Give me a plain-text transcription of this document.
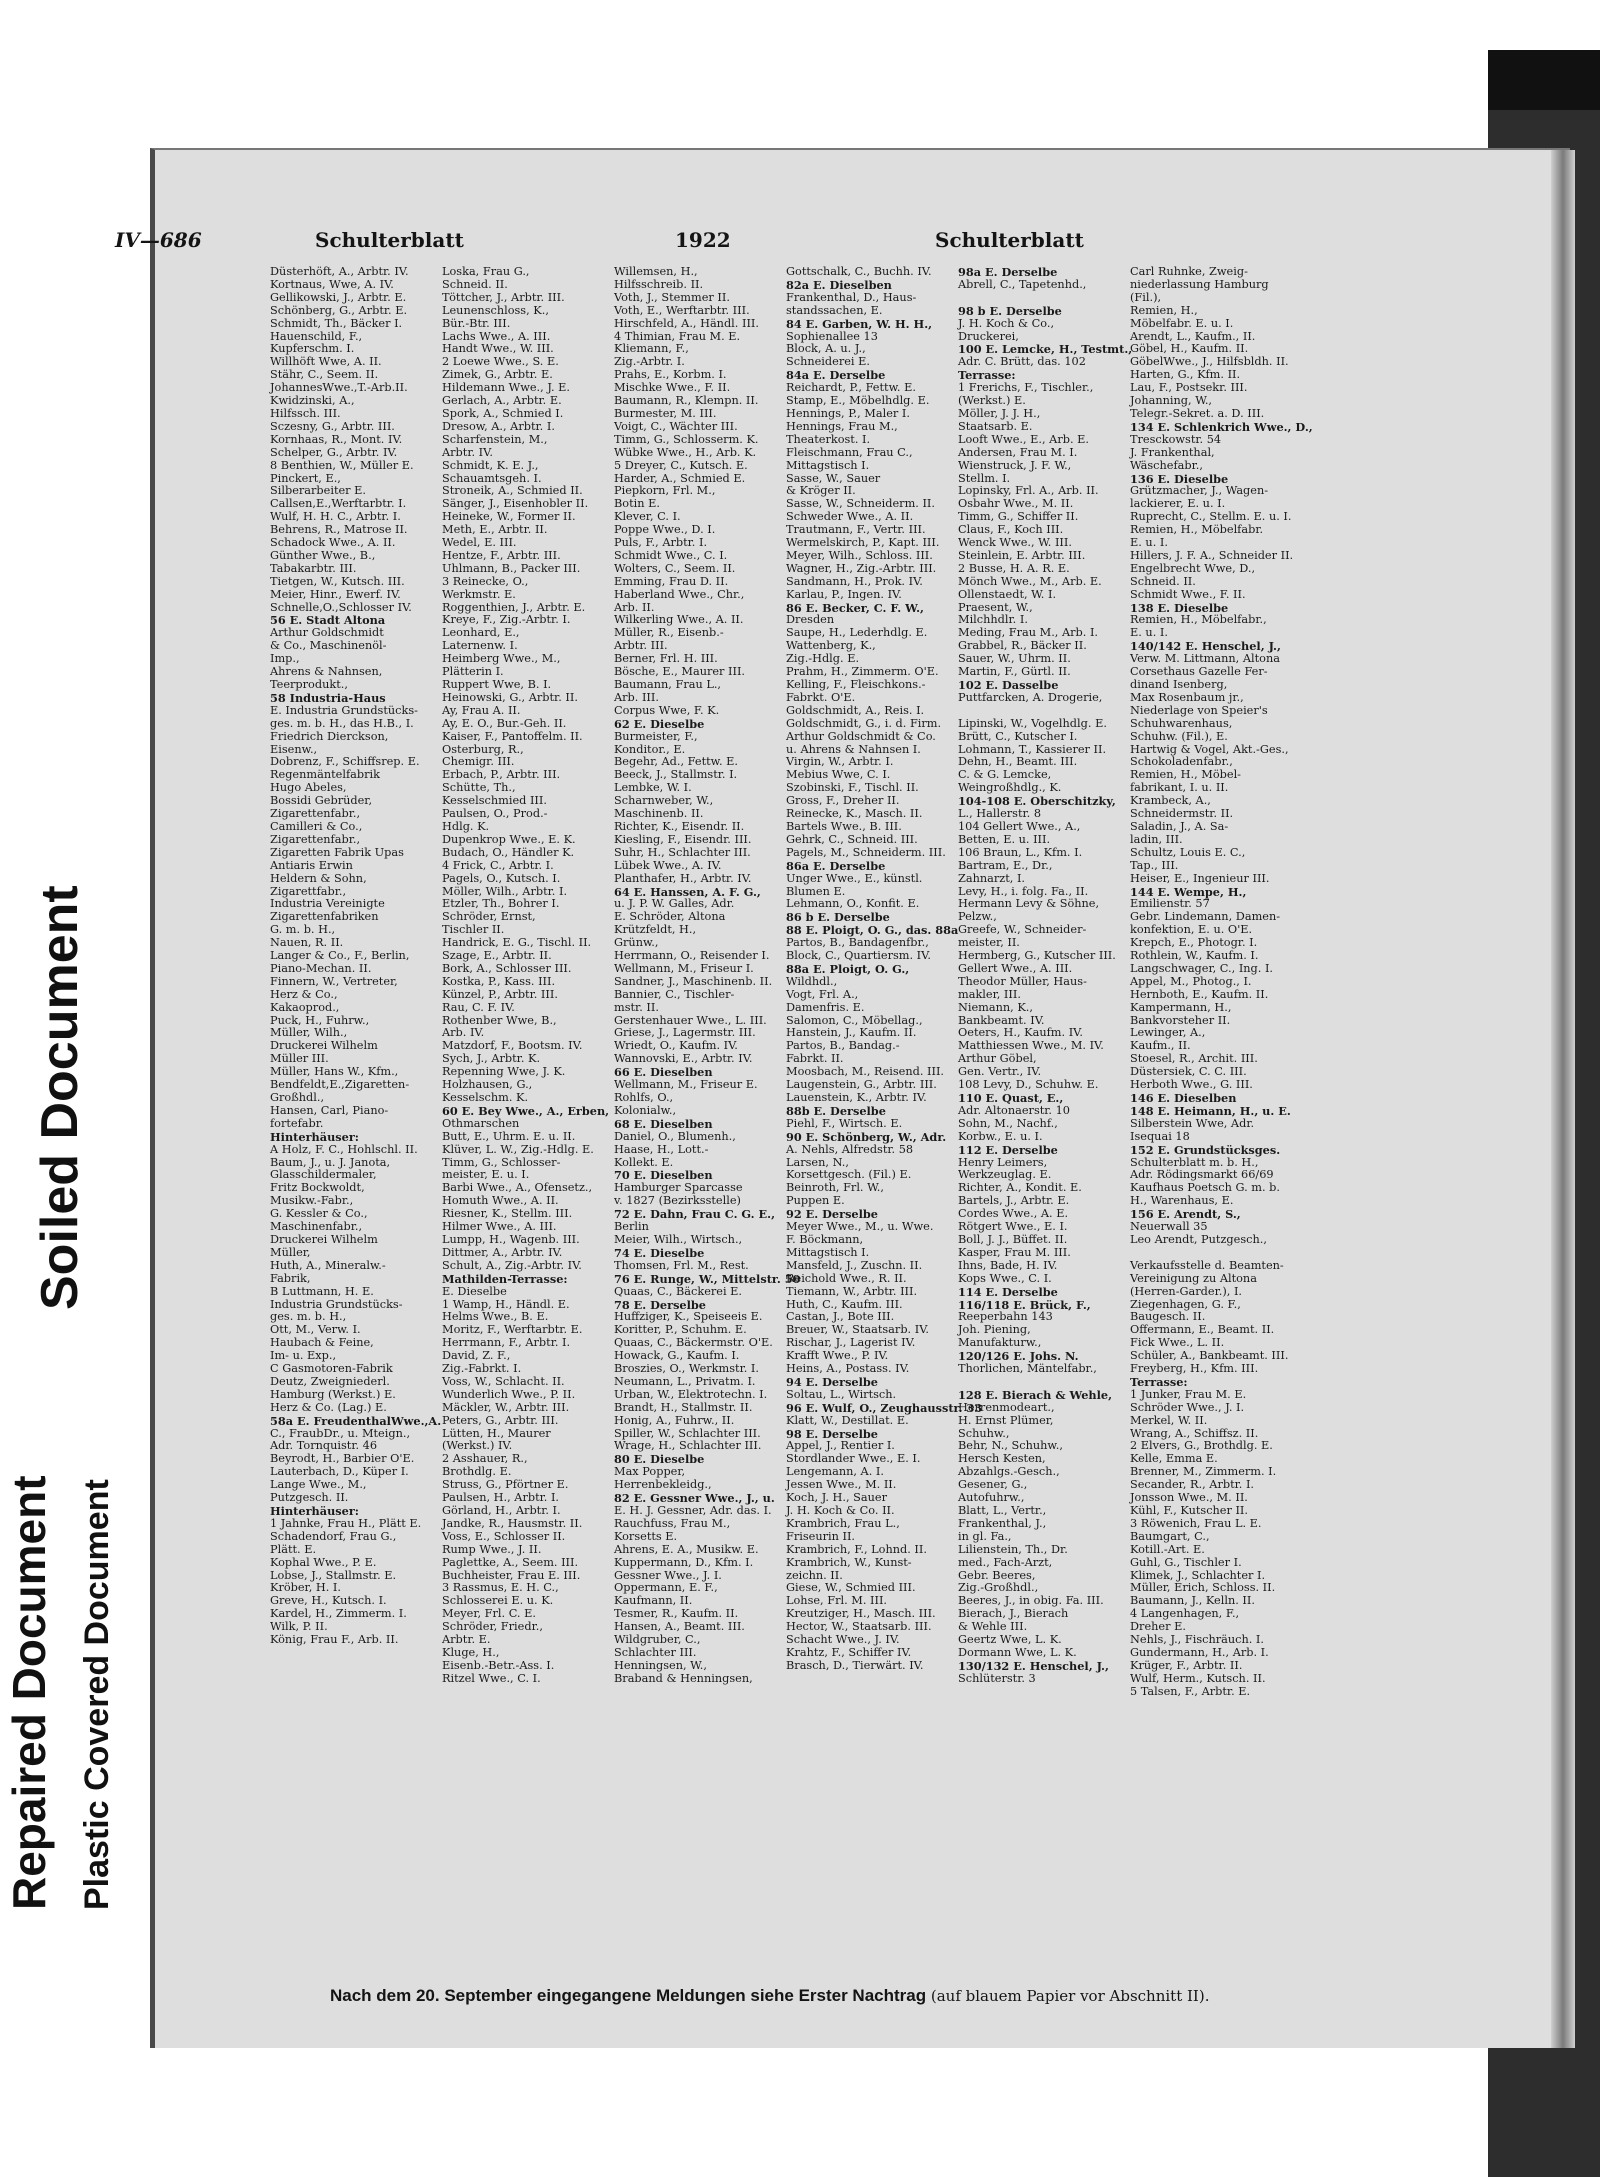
Soiled Document
Repaired Document Plastic Covered Document
IV—686	Schulterblatt	1922	Schulterblatt
Düsterhöft, A., Arbtr. IV.
Kortnaus, Wwe, A. IV.
Gellikowski, J., Arbtr. E.
Schönberg, G., Arbtr. E.
Schmidt, Th., Bäcker I.
Hauenschild, F.,
Kupferschm. I.
Willhöft Wwe, A. II.
Stähr, C., Seem. II.
JohannesWwe.,T.-Arb.II.
Kwidzinski, A.,
Hilfssch. III.
Sczesny, G., Arbtr. III.
Kornhaas, R., Mont. IV.
Schelper, G., Arbtr. IV.
8 Benthien, W., Müller E.
Pinckert, E.,
Silberarbeiter E.
Callsen,E.,Werftarbtr. I.
Wulf, H. H. C., Arbtr. I.
Behrens, R., Matrose II.
Schadock Wwe., A. II.
Günther Wwe., B.,
Tabakarbtr. III.
Tietgen, W., Kutsch. III.
Meier, Hinr., Ewerf. IV.
Schnelle,O.,Schlosser IV.
56 E. Stadt Altona
Arthur Goldschmidt
& Co., Maschinenöl-
Imp.,
Ahrens & Nahnsen,
Teerprodukt.,
58 Industria-Haus
E. Industria Grundstücks-
ges. m. b. H., das H.B., I.
Friedrich Dierckson,
Eisenw.,
Dobrenz, F., Schiffsrep. E.
Regenmäntelfabrik
Hugo Abeles,
Bossidi Gebrüder,
Zigarettenfabr.,
Camilleri & Co.,
Zigarettenfabr.,
Zigaretten Fabrik Upas
Antiaris Erwin
Heldern & Sohn,
Zigarettfabr.,
Industria Vereinigte
Zigarettenfabriken
G. m. b. H.,
Nauen, R. II.
Langer & Co., F., Berlin,
Piano-Mechan. II.
Finnern, W., Vertreter,
Herz & Co.,
Kakaoprod.,
Puck, H., Fuhrw.,
Müller, Wilh.,
Druckerei Wilhelm
Müller III.
Müller, Hans W., Kfm.,
Bendfeldt,E.,Zigaretten-
Großhdl.,
Hansen, Carl, Piano-
fortefabr.
Hinterhäuser:
A Holz, F. C., Hohlschl. II.
Baum, J., u. J. Janota,
Glasschildermaler,
Fritz Bockwoldt,
Musikw.-Fabr.,
G. Kessler & Co.,
Maschinenfabr.,
Druckerei Wilhelm
Müller,
Huth, A., Mineralw.-
Fabrik,
B Luttmann, H. E.
Industria Grundstücks-
ges. m. b. H.,
Ott, M., Verw. I.
Haubach & Feine,
Im- u. Exp.,
C Gasmotoren-Fabrik
Deutz, Zweigniederl.
Hamburg (Werkst.) E.
Herz & Co. (Lag.) E.
58a E. FreudenthalWwe.,A.
C., FraubDr., u. Mteign.,
Adr. Tornquistr. 46
Beyrodt, H., Barbier O'E.
Lauterbach, D., Küper I.
Lange Wwe., M.,
Putzgesch. II.
Hinterhäuser:
1 Jahnke, Frau H., Plätt E.
Schadendorf, Frau G.,
Plätt. E.
Kophal Wwe., P. E.
Lobse, J., Stallmstr. E.
Kröber, H. I.
Greve, H., Kutsch. I.
Kardel, H., Zimmerm. I.
Wilk, P. II.
König, Frau F., Arb. II.
Loska, Frau G.,
Schneid. II.
Töttcher, J., Arbtr. III.
Leunenschloss, K.,
Bür.-Btr. III.
Lachs Wwe., A. III.
Handt Wwe., W. III.
2 Loewe Wwe., S. E.
Zimek, G., Arbtr. E.
Hildemann Wwe., J. E.
Gerlach, A., Arbtr. E.
Spork, A., Schmied I.
Dresow, A., Arbtr. I.
Scharfenstein, M.,
Arbtr. IV.
Schmidt, K. E. J.,
Schauamtsgeh. I.
Stroneik, A., Schmied II.
Sänger, J., Eisenhobler II.
Heineke, W., Former II.
Meth, E., Arbtr. II.
Wedel, E. III.
Hentze, F., Arbtr. III.
Uhlmann, B., Packer III.
3 Reinecke, O.,
Werkmstr. E.
Roggenthien, J., Arbtr. E.
Kreye, F., Zig.-Arbtr. I.
Leonhard, E.,
Laternenw. I.
Heimberg Wwe., M.,
Plätterin I.
Ruppert Wwe, B. I.
Heinowski, G., Arbtr. II.
Ay, Frau A. II.
Ay, E. O., Bur.-Geh. II.
Kaiser, F., Pantoffelm. II.
Osterburg, R.,
Chemigr. III.
Erbach, P., Arbtr. III.
Schütte, Th.,
Kesselschmied III.
Paulsen, O., Prod.-
Hdlg. K.
Dupenkrop Wwe., E. K.
Budach, O., Händler K.
4 Frick, C., Arbtr. I.
Pagels, O., Kutsch. I.
Möller, Wilh., Arbtr. I.
Etzler, Th., Bohrer I.
Schröder, Ernst,
Tischler II.
Handrick, E. G., Tischl. II.
Szage, E., Arbtr. II.
Bork, A., Schlosser III.
Kostka, P., Kass. III.
Künzel, P., Arbtr. III.
Rau, C. F. IV.
Rothenber Wwe, B.,
Arb. IV.
Matzdorf, F., Bootsm. IV.
Sych, J., Arbtr. K.
Repenning Wwe, J. K.
Holzhausen, G.,
Kesselschm. K.
60 E. Bey Wwe., A., Erben,
Othmarschen
Butt, E., Uhrm. E. u. II.
Klüver, L. W., Zig.-Hdlg. E.
Timm, G., Schlosser-
meister, E. u. I.
Barbi Wwe., A., Ofensetz.,
Homuth Wwe., A. II.
Riesner, K., Stellm. III.
Hilmer Wwe., A. III.
Lumpp, H., Wagenb. III.
Dittmer, A., Arbtr. IV.
Schult, A., Zig.-Arbtr. IV.
Mathilden-Terrasse:
E. Dieselbe
1 Wamp, H., Händl. E.
Helms Wwe., B. E.
Moritz, F., Werftarbtr. E.
Herrmann, F., Arbtr. I.
David, Z. F.,
Zig.-Fabrkt. I.
Voss, W., Schlacht. II.
Wunderlich Wwe., P. II.
Mäckler, W., Arbtr. III.
Peters, G., Arbtr. III.
Lütten, H., Maurer
(Werkst.) IV.
2 Asshauer, R.,
Brothdlg. E.
Struss, G., Pförtner E.
Paulsen, H., Arbtr. I.
Görland, H., Arbtr. I.
Jandke, R., Hausmstr. II.
Voss, E., Schlosser II.
Rump Wwe., J. II.
Paglettke, A., Seem. III.
Buchheister, Frau E. III.
3 Rassmus, E. H. C.,
Schlosserei E. u. K.
Meyer, Frl. C. E.
Schröder, Friedr.,
Arbtr. E.
Kluge, H.,
Eisenb.-Betr.-Ass. I.
Ritzel Wwe., C. I.
Willemsen, H.,
Hilfsschreib. II.
Voth, J., Stemmer II.
Voth, E., Werftarbtr. III.
Hirschfeld, A., Händl. III.
4 Thimian, Frau M. E.
Kliemann, F.,
Zig.-Arbtr. I.
Prahs, E., Korbm. I.
Mischke Wwe., F. II.
Baumann, R., Klempn. II.
Burmester, M. III.
Voigt, C., Wächter III.
Timm, G., Schlosserm. K.
Wübke Wwe., H., Arb. K.
5 Dreyer, C., Kutsch. E.
Harder, A., Schmied E.
Piepkorn, Frl. M.,
Botin E.
Klever, C. I.
Poppe Wwe., D. I.
Puls, F., Arbtr. I.
Schmidt Wwe., C. I.
Wolters, C., Seem. II.
Emming, Frau D. II.
Haberland Wwe., Chr.,
Arb. II.
Wilkerling Wwe., A. II.
Müller, R., Eisenb.-
Arbtr. III.
Berner, Frl. H. III.
Bösche, E., Maurer III.
Baumann, Frau L.,
Arb. III.
Corpus Wwe, F. K.
62 E. Dieselbe
Burmeister, F.,
Konditor., E.
Begehr, Ad., Fettw. E.
Beeck, J., Stallmstr. I.
Lembke, W. I.
Scharnweber, W.,
Maschinenb. II.
Richter, K., Eisendr. II.
Kiesling, F., Eisendr. III.
Suhr, H., Schlachter III.
Lübek Wwe., A. IV.
Planthafer, H., Arbtr. IV.
64 E. Hanssen, A. F. G.,
u. J. P. W. Galles, Adr.
E. Schröder, Altona
Krützfeldt, H.,
Grünw.,
Herrmann, O., Reisender I.
Wellmann, M., Friseur I.
Sandner, J., Maschinenb. II.
Bannier, C., Tischler-
mstr. II.
Gerstenhauer Wwe., L. III.
Griese, J., Lagermstr. III.
Wriedt, O., Kaufm. IV.
Wannovski, E., Arbtr. IV.
66 E. Dieselben
Wellmann, M., Friseur E.
Rohlfs, O.,
Kolonialw.,
68 E. Dieselben
Daniel, O., Blumenh.,
Haase, H., Lott.-
Kollekt. E.
70 E. Dieselben
Hamburger Sparcasse
v. 1827 (Bezirksstelle)
72 E. Dahn, Frau C. G. E.,
Berlin
Meier, Wilh., Wirtsch.,
74 E. Dieselbe
Thomsen, Frl. M., Rest.
76 E. Runge, W., Mittelstr. 50
Quaas, C., Bäckerei E.
78 E. Derselbe
Huffziger, K., Speiseeis E.
Koritter, P., Schuhm. E.
Quaas, C., Bäckermstr. O'E.
Howack, G., Kaufm. I.
Broszies, O., Werkmstr. I.
Neumann, L., Privatm. I.
Urban, W., Elektrotechn. I.
Brandt, H., Stallmstr. II.
Honig, A., Fuhrw., II.
Spiller, W., Schlachter III.
Wrage, H., Schlachter III.
80 E. Dieselbe
Max Popper,
Herrenbekleidg.,
82 E. Gessner Wwe., J., u.
E. H. J. Gessner, Adr. das. I.
Rauchfuss, Frau M.,
Korsetts E.
Ahrens, E. A., Musikw. E.
Kuppermann, D., Kfm. I.
Gessner Wwe., J. I.
Oppermann, E. F.,
Kaufmann, II.
Tesmer, R., Kaufm. II.
Hansen, A., Beamt. III.
Wildgruber, C.,
Schlachter III.
Henningsen, W.,
Braband & Henningsen,
Gottschalk, C., Buchh. IV.
82a E. Dieselben
Frankenthal, D., Haus-
standssachen, E.
84 E. Garben, W. H. H.,
Sophienallee 13
Block, A. u. J.,
Schneiderei E.
84a E. Derselbe
Reichardt, P., Fettw. E.
Stamp, E., Möbelhdlg. E.
Hennings, P., Maler I.
Hennings, Frau M.,
Theaterkost. I.
Fleischmann, Frau C.,
Mittagstisch I.
Sasse, W., Sauer
& Kröger II.
Sasse, W., Schneiderm. II.
Schweder Wwe., A. II.
Trautmann, F., Vertr. III.
Wermelskirch, P., Kapt. III.
Meyer, Wilh., Schloss. III.
Wagner, H., Zig.-Arbtr. III.
Sandmann, H., Prok. IV.
Karlau, P., Ingen. IV.
86 E. Becker, C. F. W.,
Dresden
Saupe, H., Lederhdlg. E.
Wattenberg, K.,
Zig.-Hdlg. E.
Prahm, H., Zimmerm. O'E.
Kelling, F., Fleischkons.-
Fabrkt. O'E.
Goldschmidt, A., Reis. I.
Goldschmidt, G., i. d. Firm.
Arthur Goldschmidt & Co.
u. Ahrens & Nahnsen I.
Virgin, W., Arbtr. I.
Mebius Wwe, C. I.
Szobinski, F., Tischl. II.
Gross, F., Dreher II.
Reinecke, K., Masch. II.
Bartels Wwe., B. III.
Gehrk, C., Schneid. III.
Pagels, M., Schneiderm. III.
86a E. Derselbe
Unger Wwe., E., künstl.
Blumen E.
Lehmann, O., Konfit. E.
86 b E. Derselbe
88 E. Ploigt, O. G., das. 88a
Partos, B., Bandagenfbr.,
Block, C., Quartiersm. IV.
88a E. Ploigt, O. G.,
Wildhdl.,
Vogt, Frl. A.,
Damenfris. E.
Salomon, C., Möbellag.,
Hanstein, J., Kaufm. II.
Partos, B., Bandag.-
Fabrkt. II.
Moosbach, M., Reisend. III.
Laugenstein, G., Arbtr. III.
Lauenstein, K., Arbtr. IV.
88b E. Derselbe
Piehl, F., Wirtsch. E.
90 E. Schönberg, W., Adr.
A. Nehls, Alfredstr. 58
Larsen, N.,
Korsettgesch. (Fil.) E.
Beinroth, Frl. W.,
Puppen E.
92 E. Derselbe
Meyer Wwe., M., u. Wwe.
F. Böckmann,
Mittagstisch I.
Mansfeld, J., Zuschn. II.
Reichold Wwe., R. II.
Tiemann, W., Arbtr. III.
Huth, C., Kaufm. III.
Castan, J., Bote III.
Breuer, W., Staatsarb. IV.
Rischar, J., Lagerist IV.
Krafft Wwe., P. IV.
Heins, A., Postass. IV.
94 E. Derselbe
Soltau, L., Wirtsch.
96 E. Wulf, O., Zeughausstr. 33
Klatt, W., Destillat. E.
98 E. Derselbe
Appel, J., Rentier I.
Stordlander Wwe., E. I.
Lengemann, A. I.
Jessen Wwe., M. II.
Koch, J. H., Sauer
J. H. Koch & Co. II.
Krambrich, Frau L.,
Friseurin II.
Krambrich, F., Lohnd. II.
Krambrich, W., Kunst-
zeichn. II.
Giese, W., Schmied III.
Lohse, Frl. M. III.
Kreutziger, H., Masch. III.
Hector, W., Staatsarb. III.
Schacht Wwe., J. IV.
Krahtz, F., Schiffer IV.
Brasch, D., Tierwärt. IV.
98a E. Derselbe
Abrell, C., Tapetenhd.,

98 b E. Derselbe
J. H. Koch & Co.,
Druckerei,
100 E. Lemcke, H., Testmt.,
Adr. C. Brütt, das. 102
Terrasse:
1 Frerichs, F., Tischler.,
(Werkst.) E.
Möller, J. J. H.,
Staatsarb. E.
Looft Wwe., E., Arb. E.
Andersen, Frau M. I.
Wienstruck, J. F. W.,
Stellm. I.
Lopinsky, Frl. A., Arb. II.
Osbahr Wwe., M. II.
Timm, G., Schiffer II.
Claus, F., Koch III.
Wenck Wwe., W. III.
Steinlein, E. Arbtr. III.
2 Busse, H. A. R. E.
Mönch Wwe., M., Arb. E.
Ollenstaedt, W. I.
Praesent, W.,
Milchhdlr. I.
Meding, Frau M., Arb. I.
Grabbel, R., Bäcker II.
Sauer, W., Uhrm. II.
Martin, F., Gürtl. II.
102 E. Dasselbe
Puttfarcken, A. Drogerie,

Lipinski, W., Vogelhdlg. E.
Brütt, C., Kutscher I.
Lohmann, T., Kassierer II.
Dehn, H., Beamt. III.
C. & G. Lemcke,
Weingroßhdlg., K.
104-108 E. Oberschitzky,
L., Hallerstr. 8
104 Gellert Wwe., A.,
Betten, E. u. III.
106 Braun, L., Kfm. I.
Bartram, E., Dr.,
Zahnarzt, I.
Levy, H., i. folg. Fa., II.
Hermann Levy & Söhne,
Pelzw.,
Greefe, W., Schneider-
meister, II.
Hermberg, G., Kutscher III.
Gellert Wwe., A. III.
Theodor Müller, Haus-
makler, III.
Niemann, K.,
Bankbeamt. IV.
Oeters, H., Kaufm. IV.
Matthiessen Wwe., M. IV.
Arthur Göbel,
Gen. Vertr., IV.
108 Levy, D., Schuhw. E.
110 E. Quast, E.,
Adr. Altonaerstr. 10
Sohn, M., Nachf.,
Korbw., E. u. I.
112 E. Derselbe
Henry Leimers,
Werkzeuglag. E.
Richter, A., Kondit. E.
Bartels, J., Arbtr. E.
Cordes Wwe., A. E.
Rötgert Wwe., E. I.
Boll, J. J., Büffet. II.
Kasper, Frau M. III.
Ihns, Bade, H. IV.
Kops Wwe., C. I.
114 E. Derselbe
116/118 E. Brück, F.,
Reeperbahn 143
Joh. Piening,
Manufakturw.,
120/126 E. Johs. N.
Thorlichen, Mäntelfabr.,

128 E. Bierach & Wehle,
Herrenmodeart.,
H. Ernst Plümer,
Schuhw.,
Behr, N., Schuhw.,
Hersch Kesten,
Abzahlgs.-Gesch.,
Gesener, G.,
Autofuhrw.,
Blatt, L., Vertr.,
Frankenthal, J.,
in gl. Fa.,
Lilienstein, Th., Dr.
med., Fach-Arzt,
Gebr. Beeres,
Zig.-Großhdl.,
Beeres, J., in obig. Fa. III.
Bierach, J., Bierach
& Wehle III.
Geertz Wwe, L. K.
Dormann Wwe, L. K.
130/132 E. Henschel, J.,
Schlüterstr. 3
Carl Ruhnke, Zweig-
niederlassung Hamburg
(Fil.),
Remien, H.,
Möbelfabr. E. u. I.
Arendt, L., Kaufm., II.
Göbel, H., Kaufm. II.
GöbelWwe., J., Hilfsbldh. II.
Harten, G., Kfm. II.
Lau, F., Postsekr. III.
Johanning, W.,
Telegr.-Sekret. a. D. III.
134 E. Schlenkrich Wwe., D.,
Tresckowstr. 54
J. Frankenthal,
Wäschefabr.,
136 E. Dieselbe
Grützmacher, J., Wagen-
lackierer, E. u. I.
Ruprecht, C., Stellm. E. u. I.
Remien, H., Möbelfabr.
E. u. I.
Hillers, J. F. A., Schneider II.
Engelbrecht Wwe, D.,
Schneid. II.
Schmidt Wwe., F. II.
138 E. Dieselbe
Remien, H., Möbelfabr.,
E. u. I.
140/142 E. Henschel, J.,
Verw. M. Littmann, Altona
Corsethaus Gazelle Fer-
dinand Isenberg,
Max Rosenbaum jr.,
Niederlage von Speier's
Schuhwarenhaus,
Schuhw. (Fil.), E.
Hartwig & Vogel, Akt.-Ges.,
Schokoladenfabr.,
Remien, H., Möbel-
fabrikant, I. u. II.
Krambeck, A.,
Schneidermstr. II.
Saladin, J., A. Sa-
ladin, III.
Schultz, Louis E. C.,
Tap., III.
Heiser, E., Ingenieur III.
144 E. Wempe, H.,
Emilienstr. 57
Gebr. Lindemann, Damen-
konfektion, E. u. O'E.
Krepch, E., Photogr. I.
Rothlein, W., Kaufm. I.
Langschwager, C., Ing. I.
Appel, M., Photog., I.
Hernboth, E., Kaufm. II.
Kampermann, H.,
Bankvorsteher II.
Lewinger, A.,
Kaufm., II.
Stoesel, R., Archit. III.
Düstersiek, C. C. III.
Herboth Wwe., G. III.
146 E. Dieselben
148 E. Heimann, H., u. E.
Silberstein Wwe, Adr.
Isequai 18
152 E. Grundstücksges.
Schulterblatt m. b. H.,
Adr. Rödingsmarkt 66/69
Kaufhaus Poetsch G. m. b.
H., Warenhaus, E.
156 E. Arendt, S.,
Neuerwall 35
Leo Arendt, Putzgesch.,

Verkaufsstelle d. Beamten-
Vereinigung zu Altona
(Herren-Garder.), I.
Ziegenhagen, G. F.,
Baugesch. II.
Offermann, E., Beamt. II.
Fick Wwe., L. II.
Schüler, A., Bankbeamt. III.
Freyberg, H., Kfm. III.
Terrasse:
1 Junker, Frau M. E.
Schröder Wwe., J. I.
Merkel, W. II.
Wrang, A., Schiffsz. II.
2 Elvers, G., Brothdlg. E.
Kelle, Emma E.
Brenner, M., Zimmerm. I.
Secander, R., Arbtr. I.
Jonsson Wwe., M. II.
Kühl, F., Kutscher II.
3 Röwenich, Frau L. E.
Baumgart, C.,
Kotill.-Art. E.
Guhl, G., Tischler I.
Klimek, J., Schlachter I.
Müller, Erich, Schloss. II.
Baumann, J., Kelln. II.
4 Langenhagen, F.,
Dreher E.
Nehls, J., Fischräuch. I.
Gundermann, H., Arb. I.
Krüger, F., Arbtr. II.
Wulf, Herm., Kutsch. II.
5 Talsen, F., Arbtr. E.
Nach dem 20. September eingegangene Meldungen siehe Erster Nachtrag (auf blauem Papier vor Abschnitt II).
